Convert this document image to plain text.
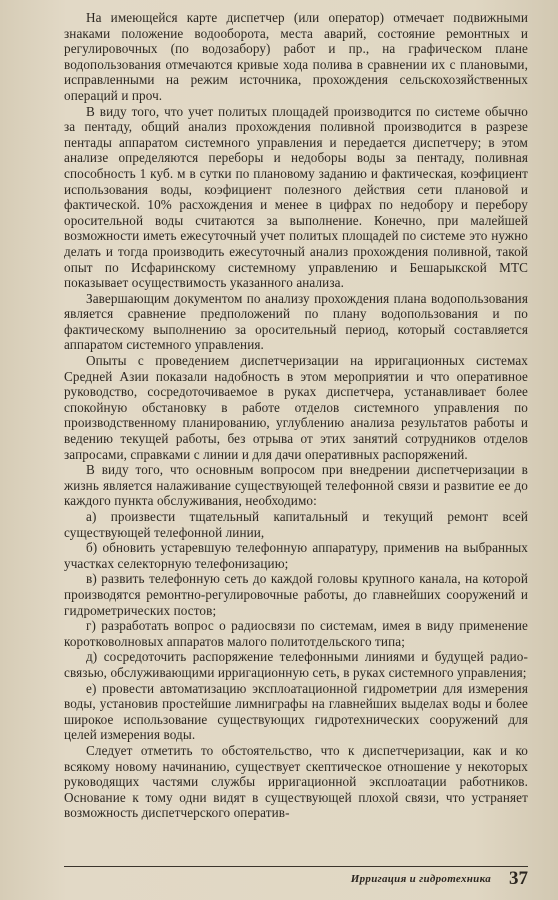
На имеющейся карте диспетчер (или оператор) отмечает подвижными знаками положение водооборота, места аварий, состояние ремонтных и регулировочных (по водозабору) работ и пр., на графическом плане водопользования отмечаются кривые хода полива в сравнении их с плановыми, исправленными на режим источника, прохождения сельскохозяйственных операций и проч.

В виду того, что учет политых площадей производится по системе обычно за пентаду, общий анализ прохождения поливной производится в разрезе пентады аппаратом системного управления и передается диспетчеру; в этом анализе определяются переборы и недоборы воды за пентаду, поливная способность 1 куб. м в сутки по плановому заданию и фактическая, коэфициент использования воды, коэфициент полезного действия сети плановой и фактической. 10% расхождения и менее в цифрах по недобору и перебору оросительной воды считаются за выполнение. Конечно, при малейшей возможности иметь ежесуточный учет политых площадей по системе это нужно делать и тогда производить ежесуточный анализ прохождения поливной, такой опыт по Исфаринскому системному управлению и Бешарыкской МТС показывает осуществимость указанного анализа.

Завершающим документом по анализу прохождения плана водопользования является сравнение предположений по плану водопользования и по фактическому выполнению за оросительный период, который составляется аппаратом системного управления.

Опыты с проведением диспетчеризации на ирригационных системах Средней Азии показали надобность в этом мероприятии и что оперативное руководство, сосредоточиваемое в руках диспетчера, устанавливает более спокойную обстановку в работе отделов системного управления по производственному планированию, углублению анализа результатов работы и ведению текущей работы, без отрыва от этих занятий сотрудников отделов запросами, справками с линии и для дачи оперативных распоряжений.

В виду того, что основным вопросом при внедрении диспетчеризации в жизнь является налаживание существующей телефонной связи и развитие ее до каждого пункта обслуживания, необходимо:

а) произвести тщательный капитальный и текущий ремонт всей существующей телефонной линии,

б) обновить устаревшую телефонную аппаратуру, применив на выбранных участках селекторную телефонизацию;

в) развить телефонную сеть до каждой головы крупного канала, на которой производятся ремонтно-регулировочные работы, до главнейших сооружений и гидрометрических постов;

г) разработать вопрос о радиосвязи по системам, имея в виду применение коротковолновых аппаратов малого политотдельского типа;

д) сосредоточить распоряжение телефонными линиями и будущей радио-связью, обслуживающими ирригационную сеть, в руках системного управления;

е) провести автоматизацию эксплоатационной гидрометрии для измерения воды, установив простейшие лимниграфы на главнейших выделах воды и более широкое использование существующих гидротехнических сооружений для целей измерения воды.

Следует отметить то обстоятельство, что к диспетчеризации, как и ко всякому новому начинанию, существует скептическое отношение у некоторых руководящих частями службы ирригационной эксплоатации работников. Основание к тому одни видят в существующей плохой связи, что устраняет возможность диспетчерского оператив-

Ирригация и гидротехника 37
